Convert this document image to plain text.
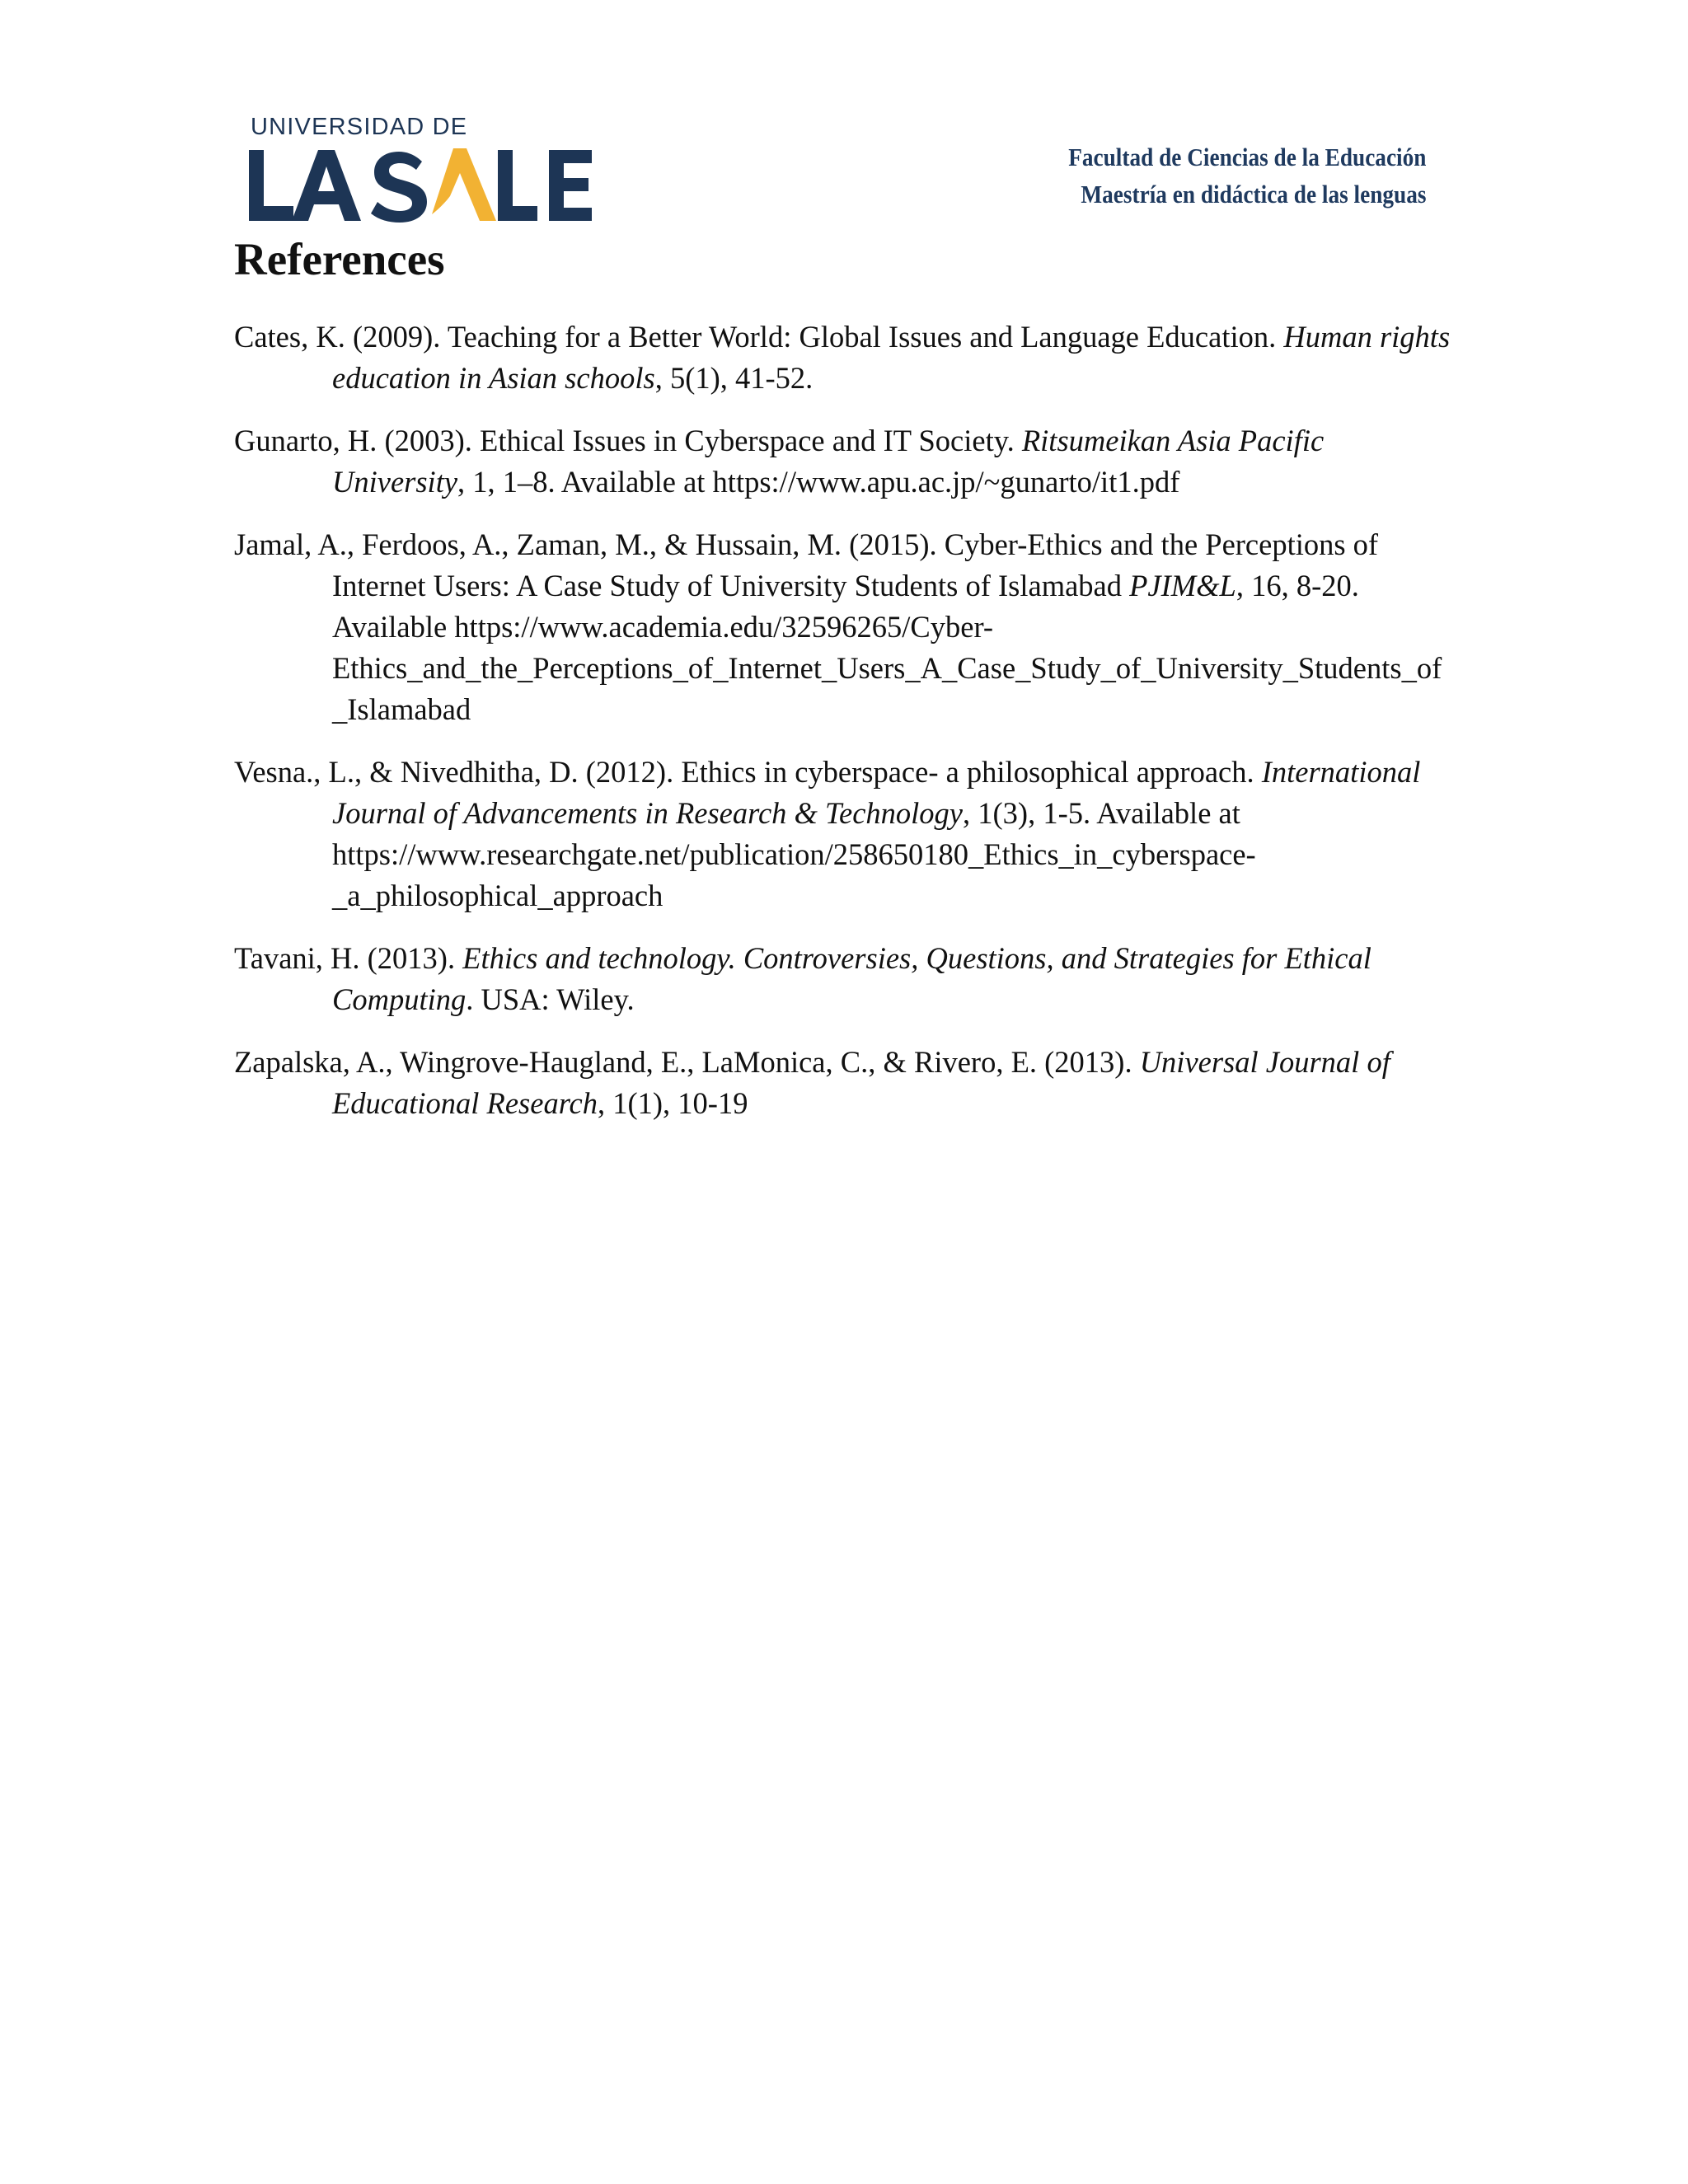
UNIVERSIDAD DE
Facultad de Ciencias de la Educación
Maestría en didáctica de las lenguas
References
Cates, K. (2009). Teaching for a Better World: Global Issues and Language Education. Human rights education in Asian schools, 5(1), 41-52.
Gunarto, H. (2003). Ethical Issues in Cyberspace and IT Society. Ritsumeikan Asia Pacific University, 1, 1–8. Available at https://www.apu.ac.jp/~gunarto/it1.pdf
Jamal, A., Ferdoos, A., Zaman, M., & Hussain, M. (2015). Cyber-Ethics and the Perceptions of Internet Users: A Case Study of University Students of Islamabad PJIM&L, 16, 8-20. Available https://www.academia.edu/32596265/Cyber-Ethics_and_the_Perceptions_of_Internet_Users_A_Case_Study_of_University_Students_of_Islamabad
Vesna., L., & Nivedhitha, D. (2012). Ethics in cyberspace- a philosophical approach. International Journal of Advancements in Research & Technology, 1(3), 1-5. Available at https://www.researchgate.net/publication/258650180_Ethics_in_cyberspace-_a_philosophical_approach
Tavani, H. (2013). Ethics and technology. Controversies, Questions, and Strategies for Ethical Computing. USA: Wiley.
Zapalska, A., Wingrove-Haugland, E., LaMonica, C., & Rivero, E. (2013). Universal Journal of Educational Research, 1(1), 10-19
